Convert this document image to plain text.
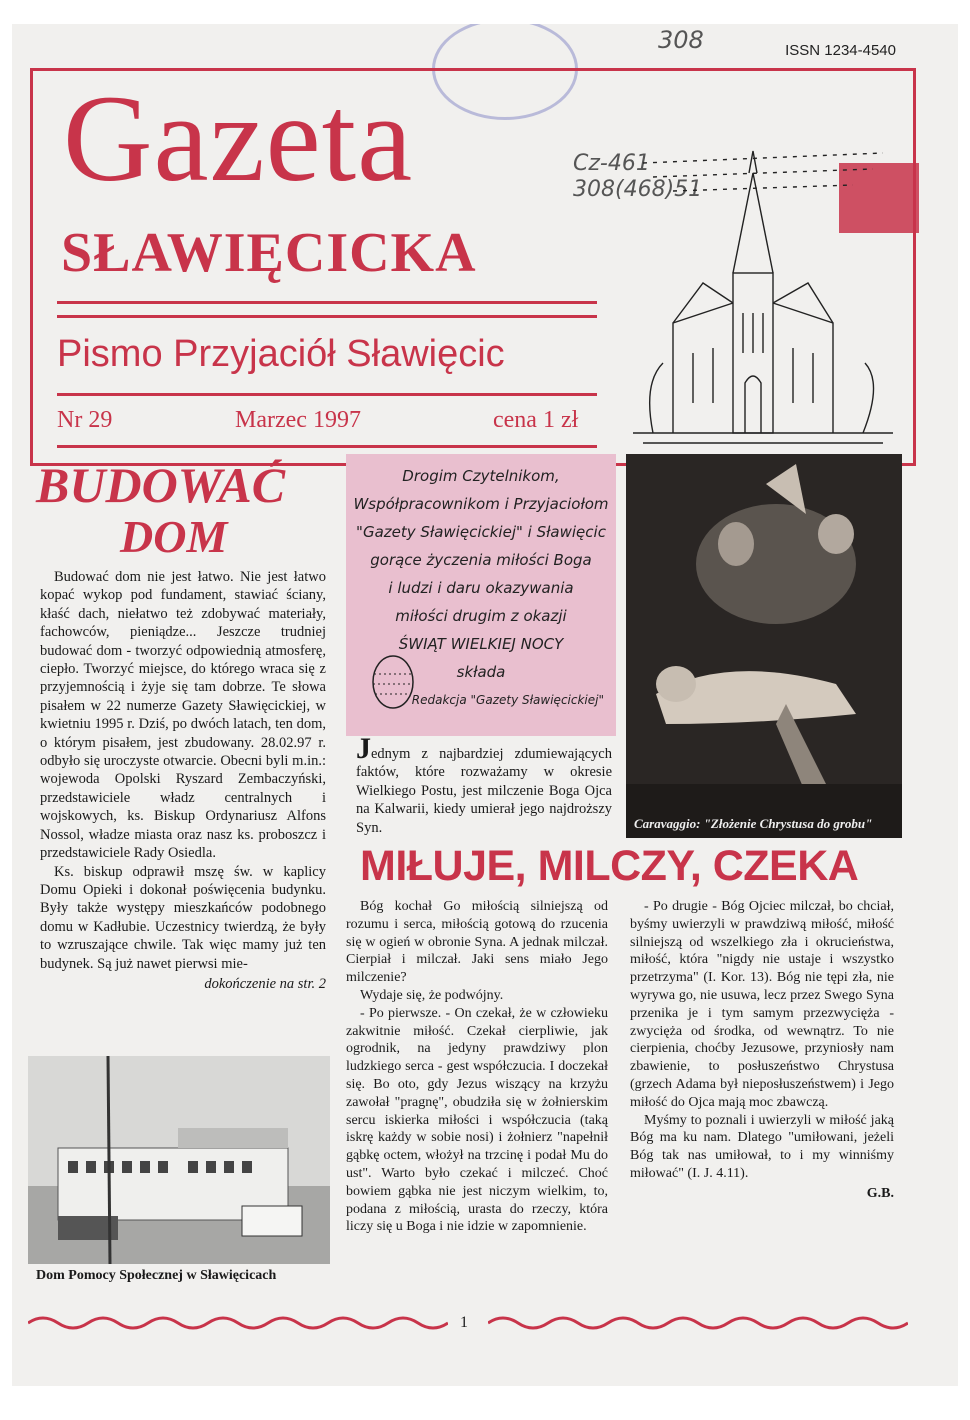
308	ISSN 1234-4540
Gazeta
SŁAWIĘCICKA
Pismo Przyjaciół Sławięcic
Nr 29	Marzec 1997	cena 1 zł
Cz-461
308(468)51
BUDOWAĆ
DOM

Budować dom nie jest łatwo. Nie jest łatwo kopać wykop pod fundament, stawiać ściany, kłaść dach, niełatwo też zdobywać materiały, fachowców, pieniądze... Jeszcze trudniej budować dom - tworzyć odpowiednią atmosferę, ciepło. Tworzyć miejsce, do którego wraca się z przyjemnością i żyje się tam dobrze. Te słowa pisałem w 22 numerze Gazety Sławięcickiej, w kwietniu 1995 r. Dziś, po dwóch latach, ten dom, o którym pisałem, jest zbudowany. 28.02.97 r. odbyło się uroczyste otwarcie. Obecni byli m.in.: wojewoda Opolski Ryszard Zembaczyński, przedstawiciele władz centralnych i wojskowych, ks. Biskup Ordynariusz Alfons Nossol, władze miasta oraz nasz ks. proboszcz i przedstawiciele Rady Osiedla.

Ks. biskup odprawił mszę św. w kaplicy Domu Opieki i dokonał poświęcenia budynku. Były także występy mieszkańców podobnego domu w Kadłubie. Uczestnicy twierdzą, że były to wzruszające chwile. Tak więc mamy już ten budynek. Są już nawet pierwsi mie-

dokończenie na str. 2
Dom Pomocy Społecznej w Sławięcicach
Drogim Czytelnikom,
Współpracownikom i Przyjaciołom
"Gazety Sławięcickiej" i Sławięcic
gorące życzenia miłości Boga
i ludzi i daru okazywania
miłości drugim z okazji
ŚWIĄT WIELKIEJ NOCY
składa
Redakcja "Gazety Sławięcickiej"
Jednym z najbardziej zdumiewających faktów, które rozważamy w okresie Wielkiego Postu, jest milczenie Boga Ojca na Kalwarii, kiedy umierał jego najdroższy Syn.	Caravaggio: "Złożenie Chrystusa do grobu"
MIŁUJE, MILCZY, CZEKA

Bóg kochał Go miłością silniejszą od rozumu i serca, miłością gotową do rzucenia się w ogień w obronie Syna. A jednak milczał. Cierpiał i milczał. Jaki sens miało Jego milczenie?

Wydaje się, że podwójny.

- Po pierwsze. - On czekał, że w człowieku zakwitnie miłość. Czekał cierpliwie, jak ogrodnik, na jedyny prawdziwy plon ludzkiego serca - gest współczucia. I doczekał się. Bo oto, gdy Jezus wiszący na krzyżu zawołał "pragnę", obudziła się w żołnierskim sercu iskierka miłości i współczucia (taką iskrę każdy w sobie nosi) i żołnierz "napełnił gąbkę octem, włożył na trzcinę i podał Mu do ust". Warto było czekać i milczeć. Choć bowiem gąbka nie jest niczym wielkim, to, podana z miłością, urasta do rzeczy, która liczy się u Boga i nie idzie w zapomnienie.

- Po drugie - Bóg Ojciec milczał, bo chciał, byśmy uwierzyli w prawdziwą miłość, miłość silniejszą od wszelkiego zła i okrucieństwa, miłość, która "nigdy nie ustaje i wszystko przetrzyma" (I. Kor. 13). Bóg nie tępi zła, nie wyrywa go, nie usuwa, lecz przez Swego Syna przenika je i tym samym przezwycięża - zwycięża od środka, od wewnątrz. To nie cierpienia, choćby Jezusowe, przyniosły nam zbawienie, to posłuszeństwo Chrystusa (grzech Adama był nieposłuszeństwem) i Jego miłość do Ojca mają moc zbawczą.

Myśmy to poznali i uwierzyli w miłość jaką Bóg ma ku nam. Dlatego "umiłowani, jeżeli Bóg tak nas umiłował, to i my winniśmy miłować" (I. J. 4.11).

G.B.
1
